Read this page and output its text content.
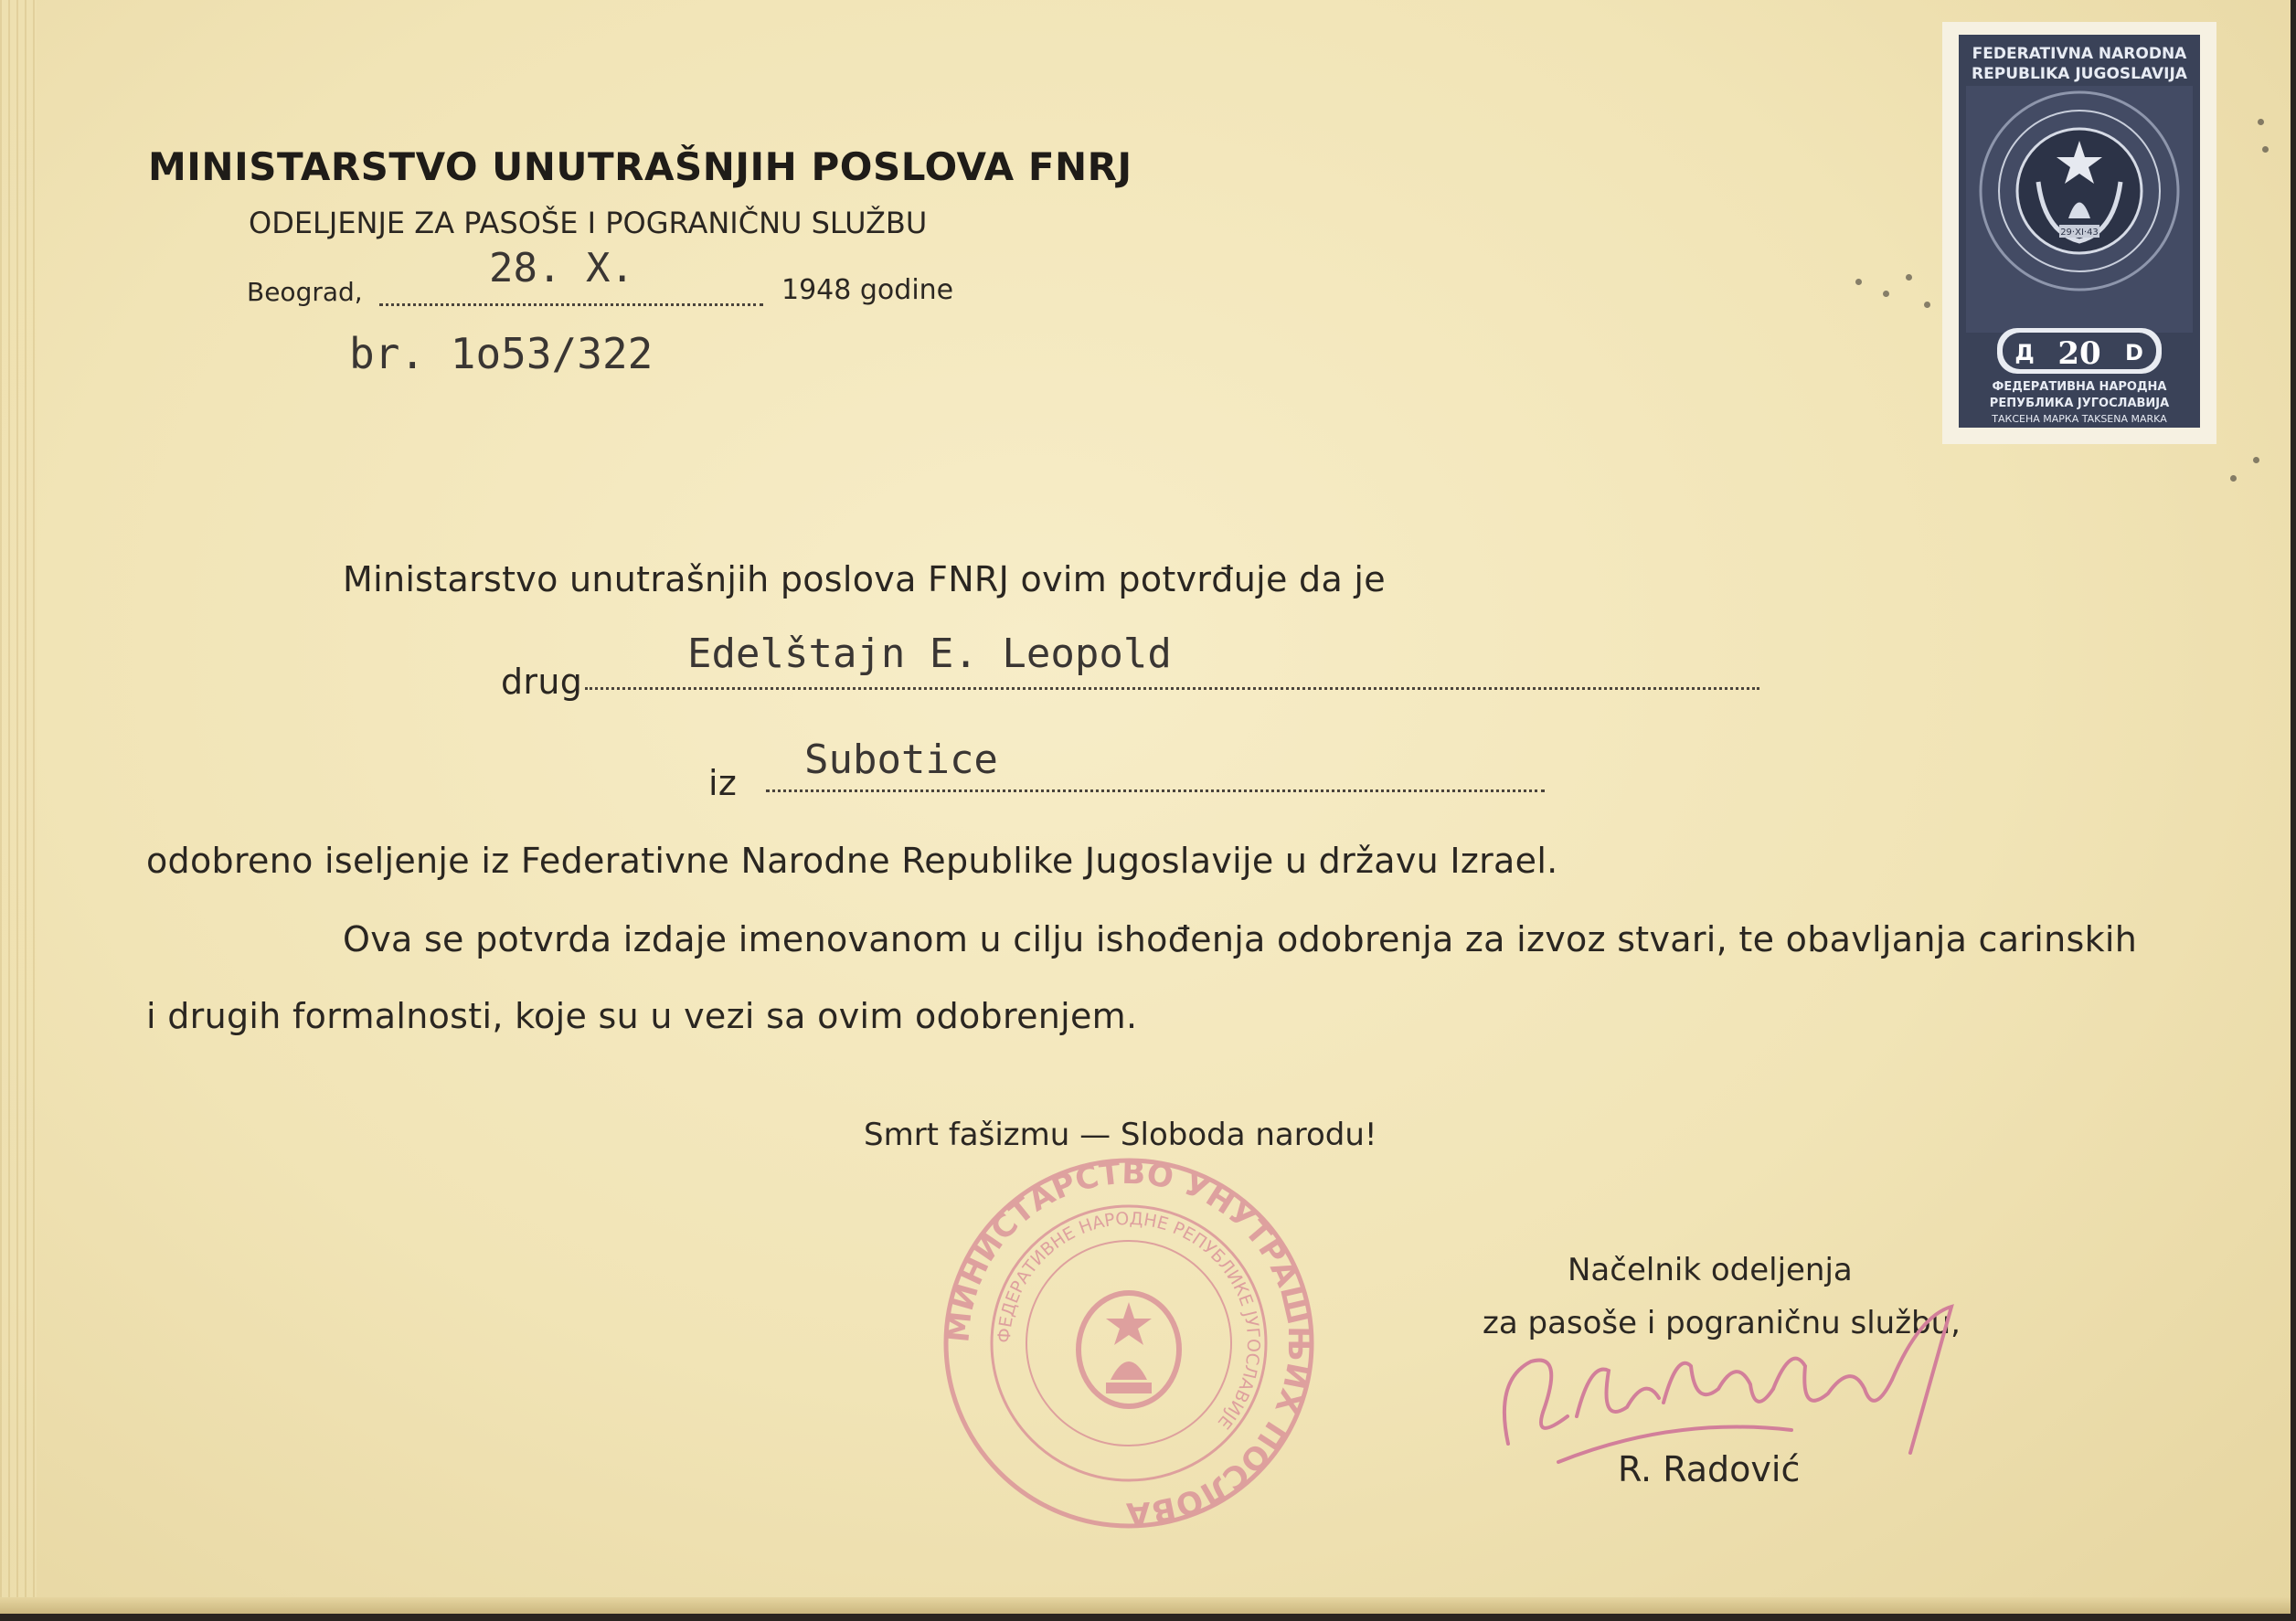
MINISTARSTVO UNUTRAŠNJIH POSLOVA FNRJ
ODELJENJE ZA PASOŠE I POGRANIČNU SLUŽBU
Beograd,
28. X.	1948 godine
br. 1o53/322
FEDERATIVNA NARODNA
REPUBLIKA JUGOSLAVIJA
29·XI·43
Д 20 D
ФЕДЕРАТИВНА НАРОДНА
РЕПУБЛИКА ЈУГОСЛАВИЈА
ТАКСЕНА МАРКА TAKSENA MARKA
Ministarstvo unutrašnjih poslova FNRJ ovim potvrđuje da je
drug
Edelštajn E. Leopold
iz Subotice
odobreno iseljenje iz Federativne Narodne Republike Jugoslavije u državu Izrael.
Ova se potvrda izdaje imenovanom u cilju ishođenja odobrenja za izvoz stvari, te obavljanja carinskih
i drugih formalnosti, koje su u vezi sa ovim odobrenjem.
Smrt fašizmu — Sloboda narodu!
МИНИСТАРСТВО УНУТРАШЊИХ ПОСЛОВА
ФЕДЕРАТИВНЕ НАРОДНЕ РЕПУБЛИКЕ ЈУГОСЛАВИЈЕ
Načelnik odeljenja
za pasoše i pograničnu službu,
R. Radović
